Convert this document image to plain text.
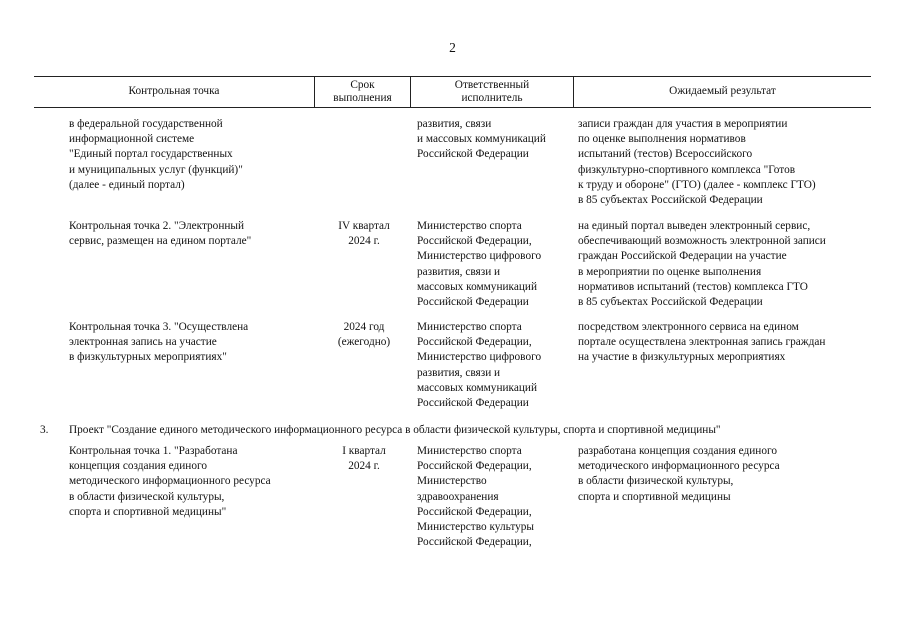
2
Контрольная точка
Срок
выполнения
Ответственный
исполнитель
Ожидаемый результат
в федеральной государственной
информационной системе
"Единый портал государственных
и муниципальных услуг (функций)"
(далее - единый портал)
развития, связи
и массовых коммуникаций
Российской Федерации
записи граждан для участия в мероприятии
по оценке выполнения нормативов
испытаний (тестов) Всероссийского
физкультурно-спортивного комплекса "Готов
к труду и обороне" (ГТО) (далее - комплекс ГТО)
в 85 субъектах Российской Федерации
Контрольная точка 2. "Электронный
сервис, размещен на едином портале"
IV квартал
2024 г.
Министерство спорта
Российской Федерации,
Министерство цифрового
развития, связи и
массовых коммуникаций
Российской Федерации
на единый портал выведен электронный сервис,
обеспечивающий возможность электронной записи
граждан Российской Федерации на участие
в мероприятии по оценке выполнения
нормативов испытаний (тестов) комплекса ГТО
в 85 субъектах Российской Федерации
Контрольная точка 3. "Осуществлена
электронная запись на участие
в физкультурных мероприятиях"
2024 год
(ежегодно)
Министерство спорта
Российской Федерации,
Министерство цифрового
развития, связи и
массовых коммуникаций
Российской Федерации
посредством электронного сервиса на едином
портале осуществлена электронная запись граждан
на участие в физкультурных мероприятиях
3. Проект "Создание единого методического информационного ресурса в области физической культуры, спорта и спортивной медицины"
Контрольная точка 1. "Разработана
концепция создания единого
методического информационного ресурса
в области физической культуры,
спорта и спортивной медицины"
I квартал
2024 г.
Министерство спорта
Российской Федерации,
Министерство
здравоохранения
Российской Федерации,
Министерство культуры
Российской Федерации,
разработана концепция создания единого
методического информационного ресурса
в области физической культуры,
спорта и спортивной медицины
